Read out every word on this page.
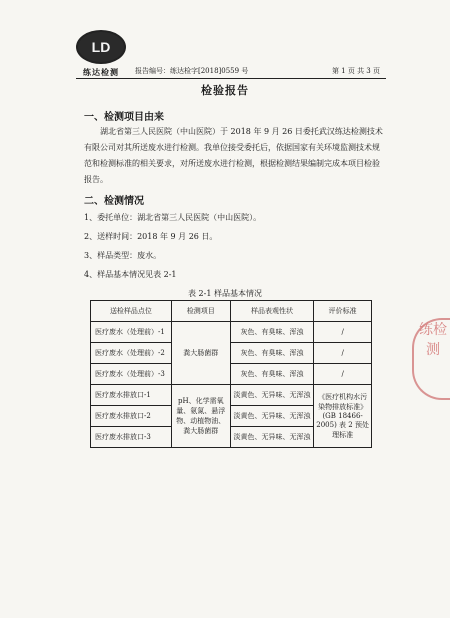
LD
练达检测	报告编号：练达检字[2018]0559 号	第 1 页 共 3 页
检验报告
一、检测项目由来
湖北省第三人民医院（中山医院）于 2018 年 9 月 26 日委托武汉练达检测技术有限公司对其所送废水进行检测。我单位接受委托后，依据国家有关环境监测技术规范和检测标准的相关要求，对所送废水进行检测，根据检测结果编制完成本项目检验报告。
二、检测情况
1、委托单位：湖北省第三人民医院（中山医院）。
2、送样时间：2018 年 9 月 26 日。
3、样品类型：废水。
4、样品基本情况见表 2-1
表 2-1 样品基本情况
送检样品点位	检测项目	样品表观性状	评价标准
医疗废水（处理前）-1	粪大肠菌群	灰色、有臭味、浑浊	/
医疗废水（处理前）-2		灰色、有臭味、浑浊	/
医疗废水（处理前）-3		灰色、有臭味、浑浊	/
医疗废水排放口-1	pH、化学需氧量、氨氮、悬浮物、动植物油、粪大肠菌群	淡黄色、无异味、无浑浊	《医疗机构水污染物排放标准》(GB 18466-2005) 表 2 预处理标准
医疗废水排放口-2		淡黄色、无异味、无浑浊	
医疗废水排放口-3		淡黄色、无异味、无浑浊	
练检测
